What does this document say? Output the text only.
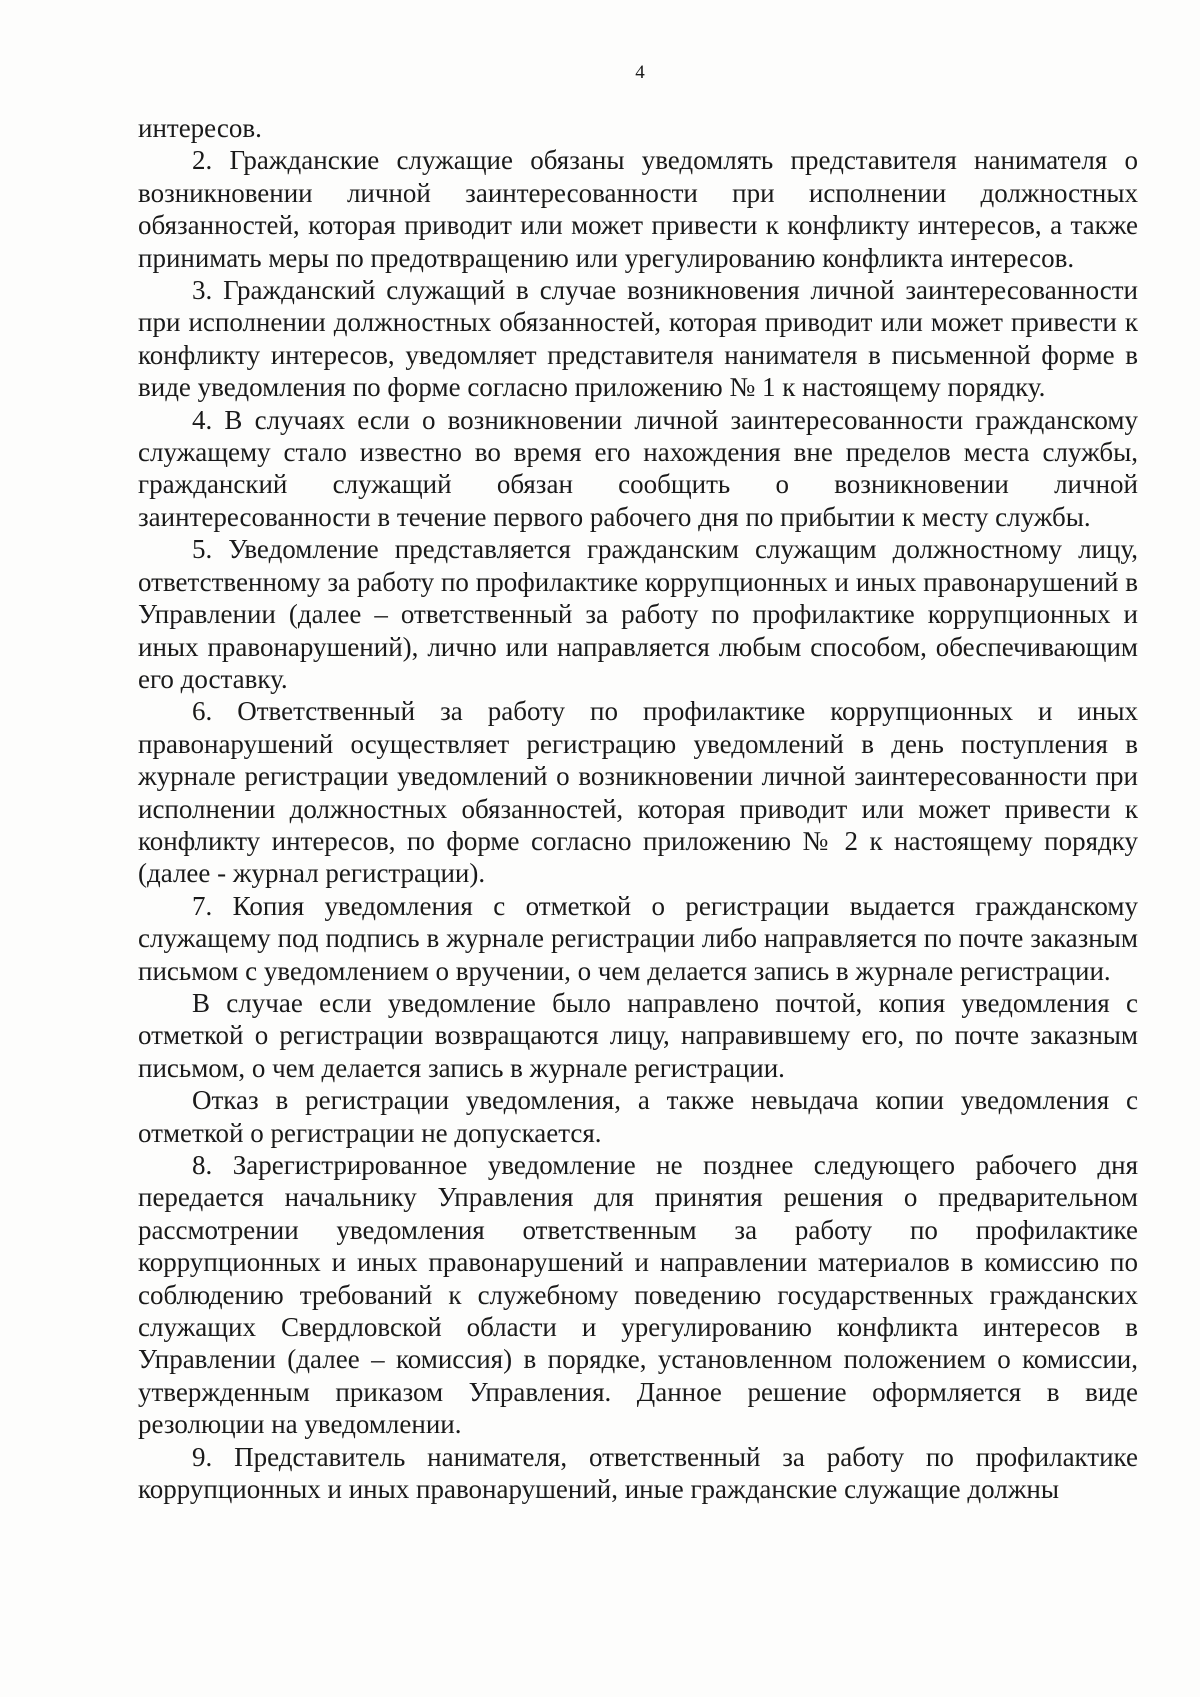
4

интересов.

2. Гражданские служащие обязаны уведомлять представителя нанимателя о возникновении личной заинтересованности при исполнении должностных обязанностей, которая приводит или может привести к конфликту интересов, а также принимать меры по предотвращению или урегулированию конфликта интересов.

3. Гражданский служащий в случае возникновения личной заинтересованности при исполнении должностных обязанностей, которая приводит или может привести к конфликту интересов, уведомляет представителя нанимателя в письменной форме в виде уведомления по форме согласно приложению № 1 к настоящему порядку.

4. В случаях если о возникновении личной заинтересованности гражданскому служащему стало известно во время его нахождения вне пределов места службы, гражданский служащий обязан сообщить о возникновении личной заинтересованности в течение первого рабочего дня по прибытии к месту службы.

5. Уведомление представляется гражданским служащим должностному лицу, ответственному за работу по профилактике коррупционных и иных правонарушений в Управлении (далее – ответственный за работу по профилактике коррупционных и иных правонарушений), лично или направляется любым способом, обеспечивающим его доставку.

6. Ответственный за работу по профилактике коррупционных и иных правонарушений осуществляет регистрацию уведомлений в день поступления в журнале регистрации уведомлений о возникновении личной заинтересованности при исполнении должностных обязанностей, которая приводит или может привести к конфликту интересов, по форме согласно приложению № 2 к настоящему порядку (далее - журнал регистрации).

7. Копия уведомления с отметкой о регистрации выдается гражданскому служащему под подпись в журнале регистрации либо направляется по почте заказным письмом с уведомлением о вручении, о чем делается запись в журнале регистрации.

В случае если уведомление было направлено почтой, копия уведомления с отметкой о регистрации возвращаются лицу, направившему его, по почте заказным письмом, о чем делается запись в журнале регистрации.

Отказ в регистрации уведомления, а также невыдача копии уведомления с отметкой о регистрации не допускается.

8. Зарегистрированное уведомление не позднее следующего рабочего дня передается начальнику Управления для принятия решения о предварительном рассмотрении уведомления ответственным за работу по профилактике коррупционных и иных правонарушений и направлении материалов в комиссию по соблюдению требований к служебному поведению государственных гражданских служащих Свердловской области и урегулированию конфликта интересов в Управлении (далее – комиссия) в порядке, установленном положением о комиссии, утвержденным приказом Управления. Данное решение оформляется в виде резолюции на уведомлении.

9. Представитель нанимателя, ответственный за работу по профилактике коррупционных и иных правонарушений, иные гражданские служащие должны
